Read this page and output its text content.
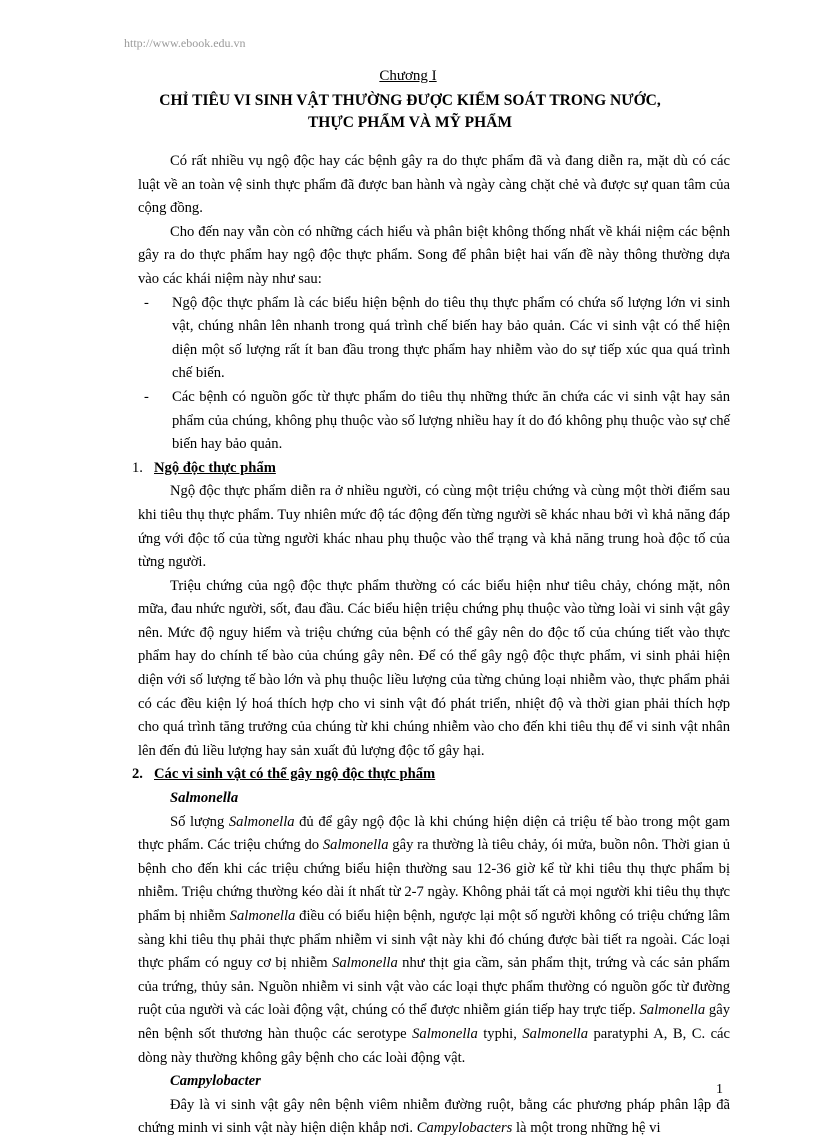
http://www.ebook.edu.vn
Chương I
CHỈ TIÊU VI SINH VẬT THƯỜNG ĐƯỢC KIỂM SOÁT TRONG NƯỚC,
THỰC PHẨM VÀ MỸ PHẨM

Có rất nhiều vụ ngộ độc hay các bệnh gây ra do thực phẩm đã và đang diễn ra, mặt dù có các luật về an toàn vệ sinh thực phẩm đã được ban hành và ngày càng chặt chẻ và được sự quan tâm của cộng đồng.

Cho đến nay vẫn còn có những cách hiểu và phân biệt không thống nhất về khái niệm các bệnh gây ra do thực phẩm hay ngộ độc thực phẩm. Song để phân biệt hai vấn đề này thông thường dựa vào các khái niệm này như sau:

- Ngộ độc thực phẩm là các biểu hiện bệnh do tiêu thụ thực phẩm có chứa số lượng lớn vi sinh vật, chúng nhân lên nhanh trong quá trình chế biến hay bảo quản. Các vi sinh vật có thể hiện diện một số lượng rất ít ban đầu trong thực phẩm hay nhiễm vào do sự tiếp xúc qua quá trình chế biến.
- Các bệnh có nguồn gốc từ thực phẩm do tiêu thụ những thức ăn chứa các vi sinh vật hay sản phẩm của chúng, không phụ thuộc vào số lượng nhiều hay ít do đó không phụ thuộc vào sự chế biến hay bảo quản.
1. Ngộ độc thực phẩm

Ngộ độc thực phẩm diễn ra ở nhiều người, có cùng một triệu chứng và cùng một thời điểm sau khi tiêu thụ thực phẩm. Tuy nhiên mức độ tác động đến từng người sẽ khác nhau bởi vì khả năng đáp ứng với độc tố của từng người khác nhau phụ thuộc vào thể trạng và khả năng trung hoà độc tố của từng người.

Triệu chứng của ngộ độc thực phẩm thường có các biểu hiện như tiêu chảy, chóng mặt, nôn mữa, đau nhức người, sốt, đau đầu. Các biểu hiện triệu chứng phụ thuộc vào từng loài vi sinh vật gây nên. Mức độ nguy hiểm và triệu chứng của bệnh có thể gây nên do độc tố của chúng tiết vào thực phẩm hay do chính tế bào của chúng gây nên. Để có thể gây ngộ độc thực phẩm, vi sinh phải hiện diện với số lượng tế bào lớn và phụ thuộc liều lượng của từng chủng loại nhiễm vào, thực phẩm phải có các đều kiện lý hoá thích hợp cho vi sinh vật đó phát triển, nhiệt độ và thời gian phải thích hợp cho quá trình tăng trưởng của chúng từ khi chúng nhiễm vào cho đến khi tiêu thụ để vi sinh vật nhân lên đến đủ liều lượng hay sản xuất đủ lượng độc tố gây hại.

2. Các vi sinh vật có thể gây ngộ độc thực phẩm
Salmonella

Số lượng Salmonella đủ để gây ngộ độc là khi chúng hiện diện cả triệu tế bào trong một gam thực phẩm. Các triệu chứng do Salmonella gây ra thường là tiêu chảy, ói mửa, buồn nôn. Thời gian ủ bệnh cho đến khi các triệu chứng biểu hiện thường sau 12-36 giờ kể từ khi tiêu thụ thực phẩm bị nhiễm. Triệu chứng thường kéo dài ít nhất từ 2-7 ngày. Không phải tất cả mọi người khi tiêu thụ thực phẩm bị nhiễm Salmonella điều có biểu hiện bệnh, ngược lại một số người không có triệu chứng lâm sàng khi tiêu thụ phải thực phẩm nhiễm vi sinh vật này khi đó chúng được bài tiết ra ngoài. Các loại thực phẩm có nguy cơ bị nhiễm Salmonella như thịt gia cầm, sản phẩm thịt, trứng và các sản phẩm của trứng, thủy sản. Nguồn nhiễm vi sinh vật vào các loại thực phẩm thường có nguồn gốc từ đường ruột của người và các loài động vật, chúng có thể được nhiễm gián tiếp hay trực tiếp. Salmonella gây nên bệnh sốt thương hàn thuộc các serotype Salmonella typhi, Salmonella paratyphi A, B, C. các dòng này thường không gây bệnh cho các loài động vật.

Campylobacter

Đây là vi sinh vật gây nên bệnh viêm nhiễm đường ruột, bằng các phương pháp phân lập đã chứng minh vi sinh vật này hiện diện khắp nơi. Campylobacters là một trong những hệ vi

1
